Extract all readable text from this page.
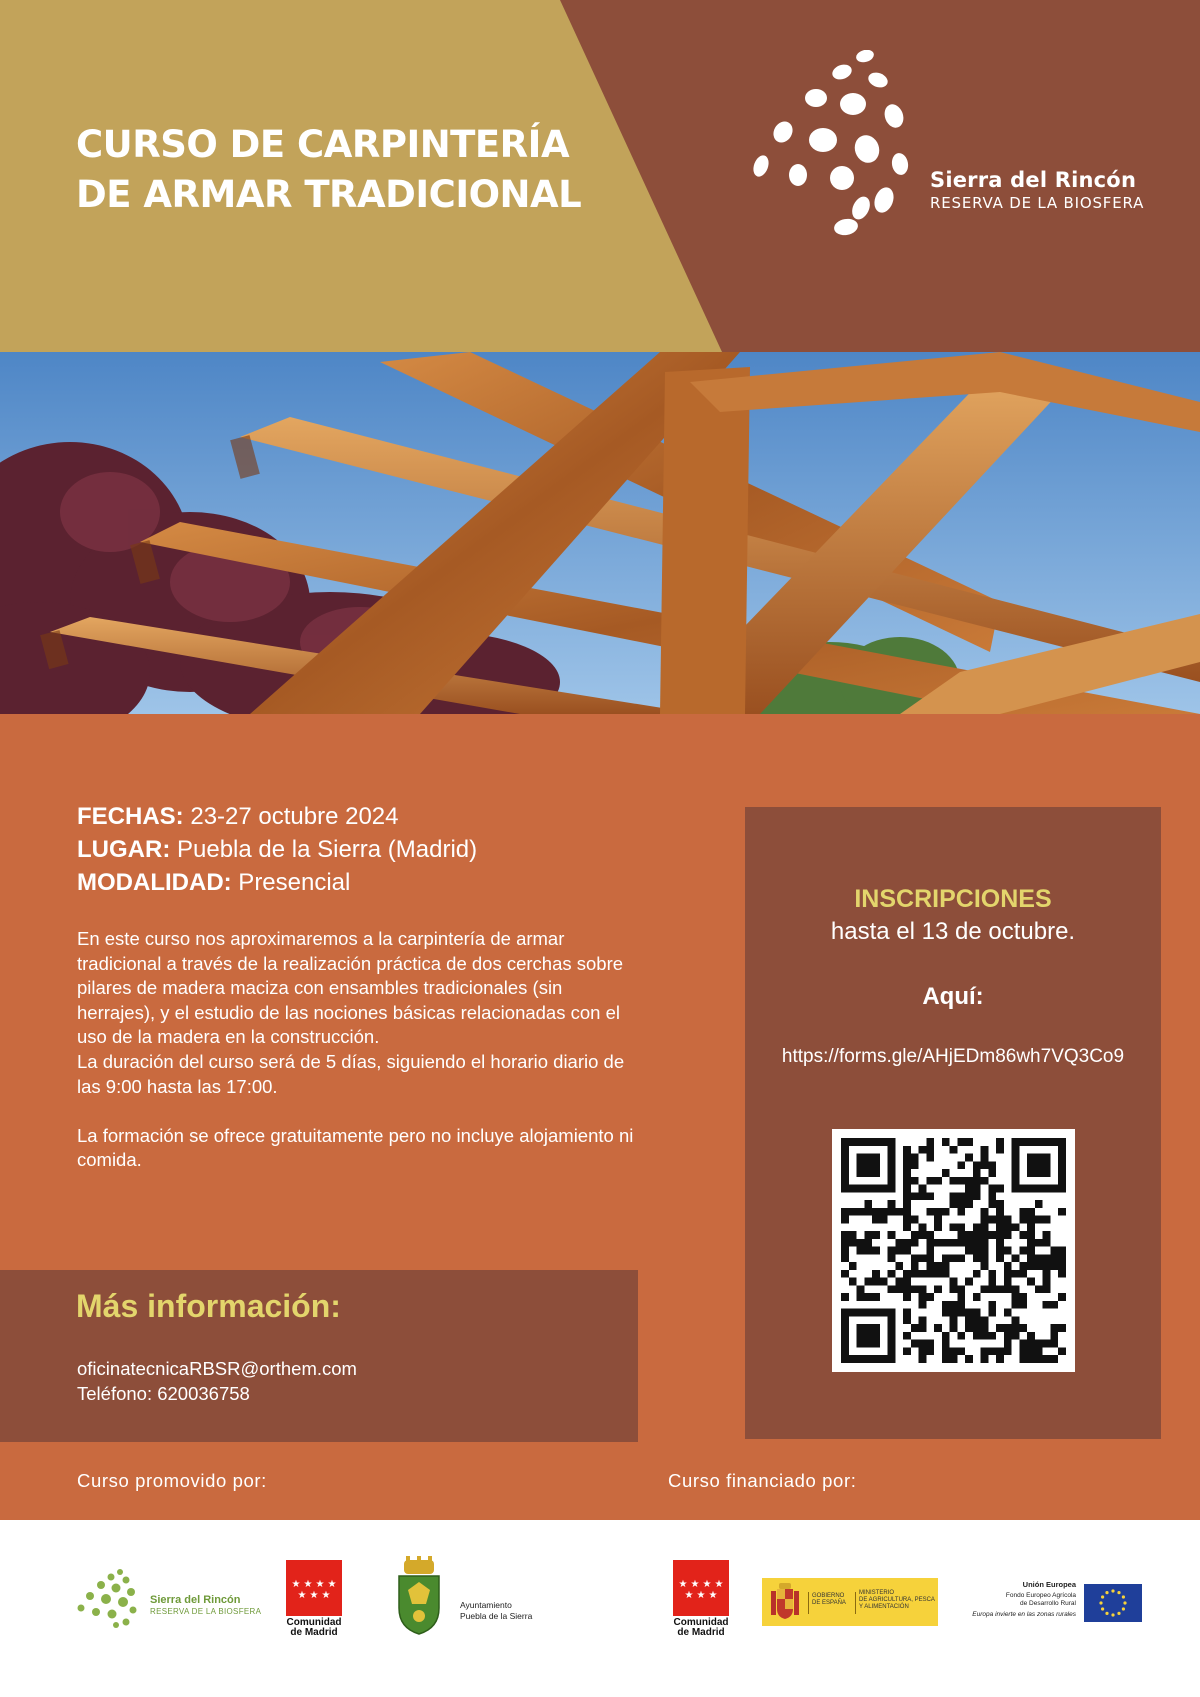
CURSO DE CARPINTERÍA
DE ARMAR TRADICIONAL	Sierra del Rincón
RESERVA DE LA BIOSFERA
FECHAS: 23-27 octubre 2024
LUGAR: Puebla de la Sierra (Madrid)
MODALIDAD: Presencial

En este curso nos aproximaremos a la carpintería de armar tradicional a través de la realización práctica de dos cerchas sobre pilares de madera maciza con ensambles tradicionales (sin herrajes), y el estudio de las nociones básicas relacionadas con el uso de la madera en la construcción.

La duración del curso será de 5 días, siguiendo el horario diario de las 9:00 hasta las 17:00.

La formación se ofrece gratuitamente pero no incluye alojamiento ni comida.

Más información:
oficinatecnicaRBSR@orthem.com
Teléfono: 620036758
INSCRIPCIONES
hasta el 13 de octubre.
Aquí:
https://forms.gle/AHjEDm86wh7VQ3Co9
Curso promovido por:	Curso financiado por:
Sierra del Rincón
RESERVA DE LA BIOSFERA
★ ★ ★ ★
★ ★ ★
Comunidad
de Madrid
Ayuntamiento
Puebla de la Sierra
★ ★ ★ ★
★ ★ ★
Comunidad
de Madrid
GOBIERNO
DE ESPAÑA
MINISTERIO
DE AGRICULTURA, PESCA
Y ALIMENTACIÓN
Unión Europea
Fondo Europeo Agrícola
de Desarrollo Rural
Europa invierte en las zonas rurales
